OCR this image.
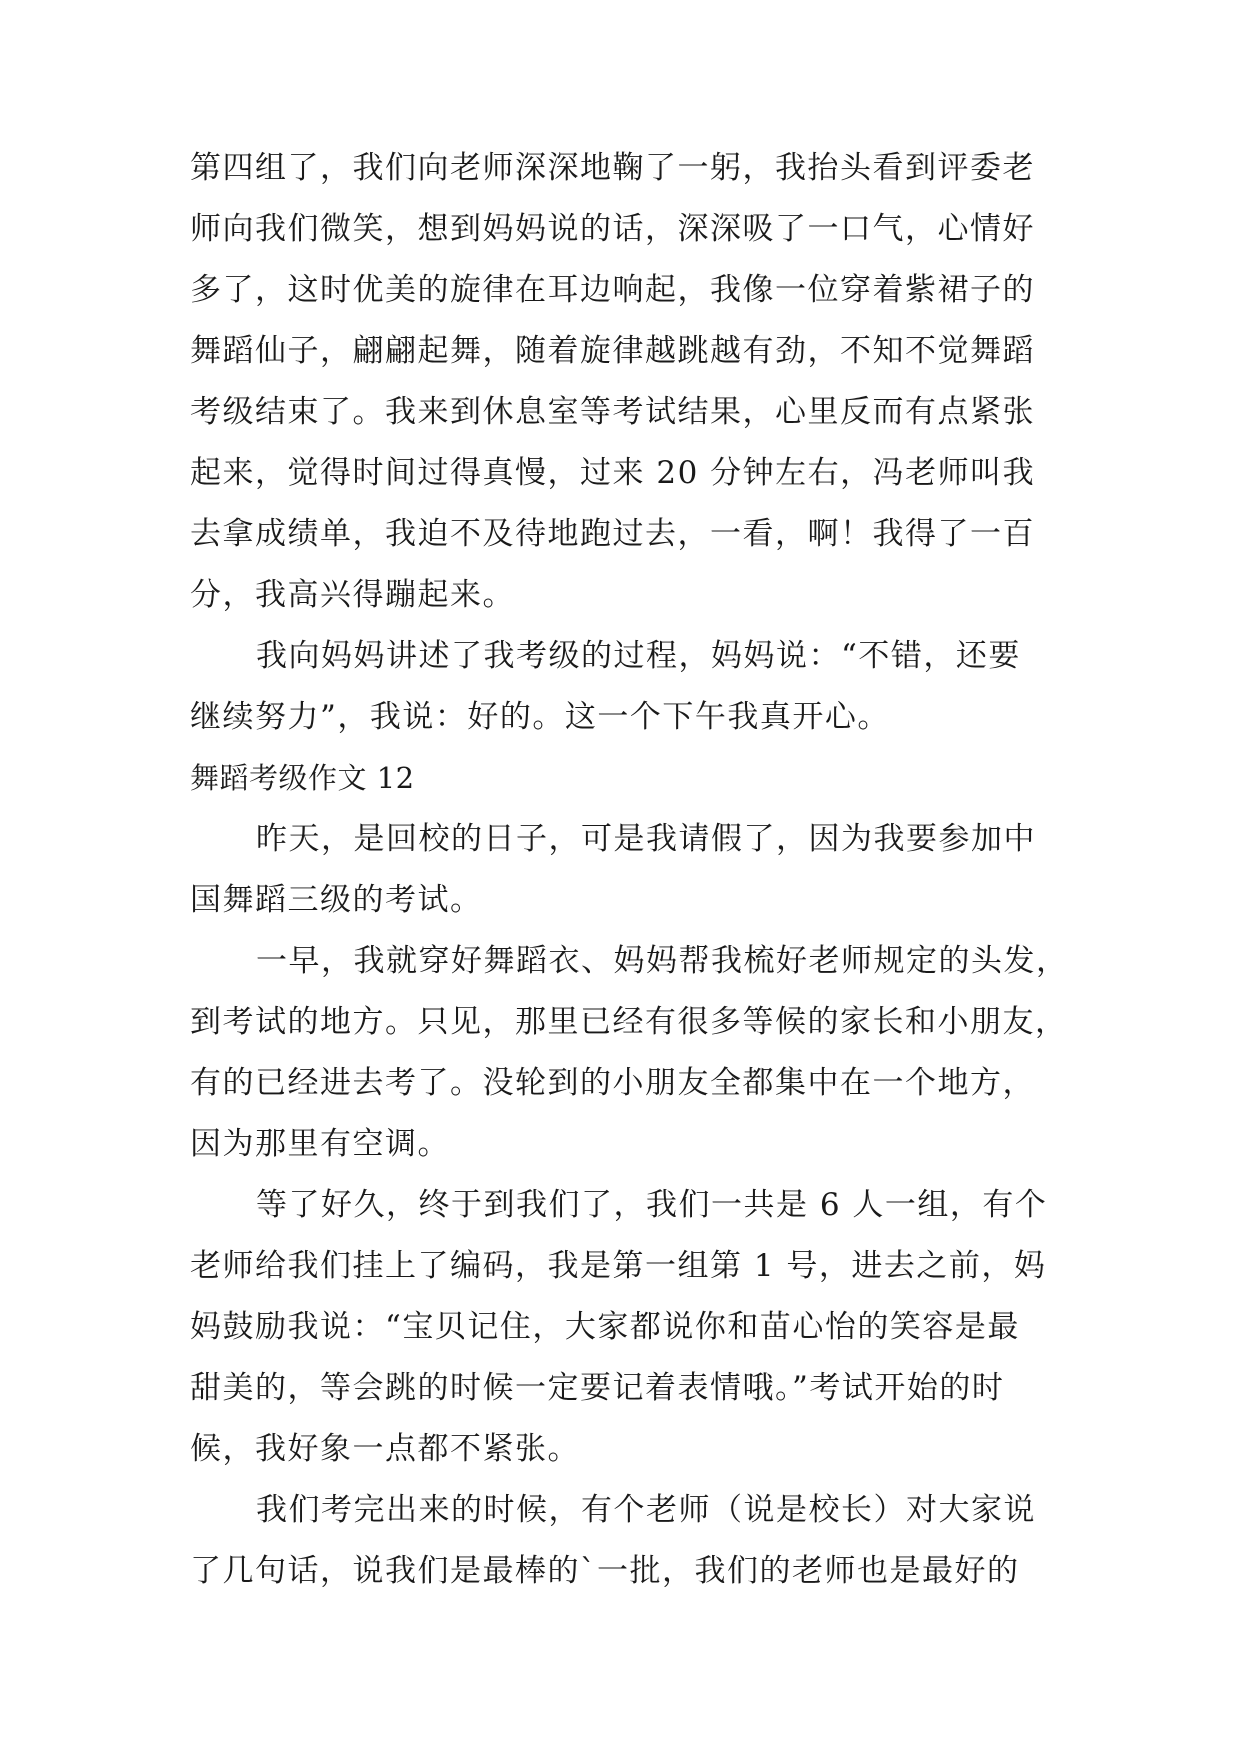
第四组了，我们向老师深深地鞠了一躬，我抬头看到评委老
师向我们微笑，想到妈妈说的话，深深吸了一口气，心情好
多了，这时优美的旋律在耳边响起，我像一位穿着紫裙子的
舞蹈仙子，翩翩起舞，随着旋律越跳越有劲，不知不觉舞蹈
考级结束了。我来到休息室等考试结果，心里反而有点紧张
起来，觉得时间过得真慢，过来 20 分钟左右，冯老师叫我
去拿成绩单，我迫不及待地跑过去，一看，啊！我得了一百
分，我高兴得蹦起来。
我向妈妈讲述了我考级的过程，妈妈说：“不错，还要
继续努力”，我说：好的。这一个下午我真开心。
舞蹈考级作文 12
昨天，是回校的日子，可是我请假了，因为我要参加中
国舞蹈三级的考试。
一早，我就穿好舞蹈衣、妈妈帮我梳好老师规定的头发，
到考试的地方。只见，那里已经有很多等候的家长和小朋友，
有的已经进去考了。没轮到的小朋友全都集中在一个地方，
因为那里有空调。
等了好久，终于到我们了，我们一共是 6 人一组，有个
老师给我们挂上了编码，我是第一组第 1 号，进去之前，妈
妈鼓励我说：“宝贝记住，大家都说你和苗心怡的笑容是最
甜美的，等会跳的时候一定要记着表情哦。”考试开始的时
候，我好象一点都不紧张。
我们考完出来的时候，有个老师（说是校长）对大家说
了几句话，说我们是最棒的`一批，我们的老师也是最好的
